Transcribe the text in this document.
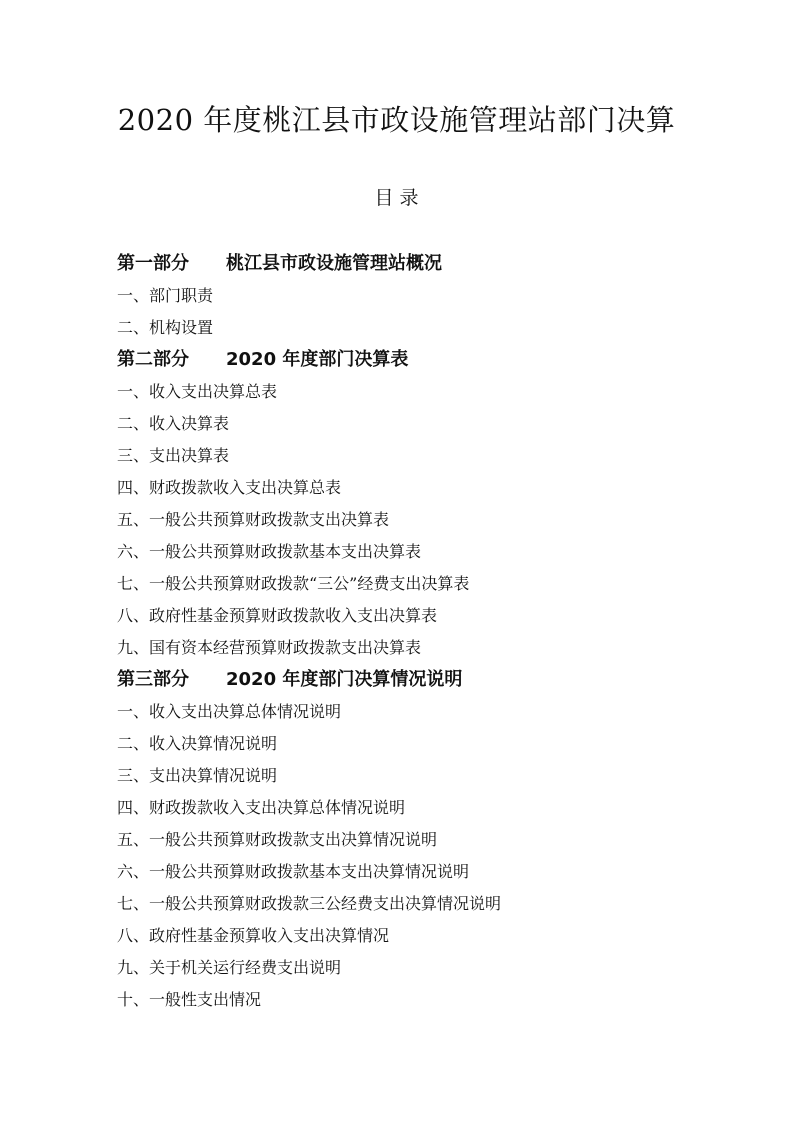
2020 年度桃江县市政设施管理站部门决算
目 录
第一部分 桃江县市政设施管理站概况
一、部门职责
二、机构设置
第二部分 2020 年度部门决算表
一、收入支出决算总表
二、收入决算表
三、支出决算表
四、财政拨款收入支出决算总表
五、一般公共预算财政拨款支出决算表
六、一般公共预算财政拨款基本支出决算表
七、一般公共预算财政拨款“三公”经费支出决算表
八、政府性基金预算财政拨款收入支出决算表
九、国有资本经营预算财政拨款支出决算表
第三部分 2020 年度部门决算情况说明
一、收入支出决算总体情况说明
二、收入决算情况说明
三、支出决算情况说明
四、财政拨款收入支出决算总体情况说明
五、一般公共预算财政拨款支出决算情况说明
六、一般公共预算财政拨款基本支出决算情况说明
七、一般公共预算财政拨款三公经费支出决算情况说明
八、政府性基金预算收入支出决算情况
九、关于机关运行经费支出说明
十、一般性支出情况
